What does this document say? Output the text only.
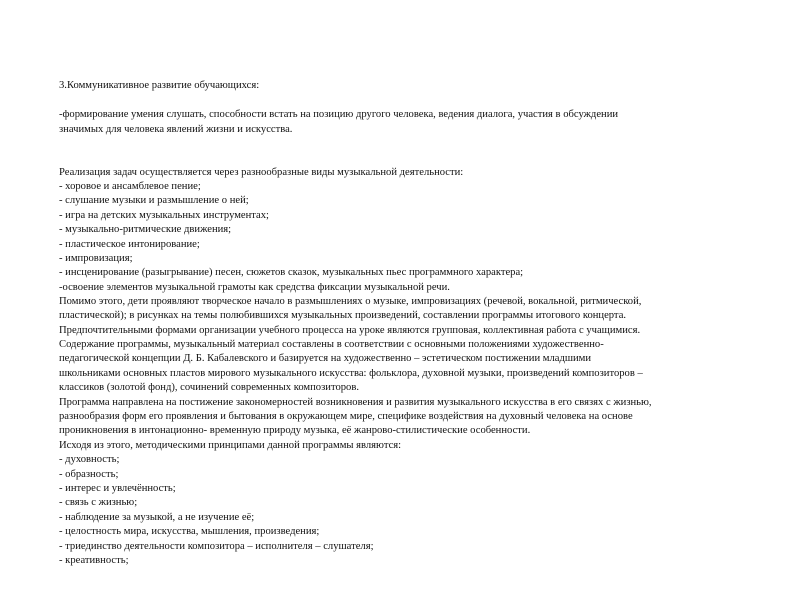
3.Коммуникативное развитие обучающихся:
-формирование умения слушать, способности встать на позицию другого человека, ведения диалога, участия в обсуждении
значимых для человека явлений жизни и искусства.
Реализация задач осуществляется через разнообразные виды музыкальной деятельности:
- хоровое и ансамблевое пение;
- слушание музыки и размышление о ней;
- игра на детских музыкальных инструментах;
- музыкально-ритмические движения;
- пластическое интонирование;
- импровизация;
- инсценирование (разыгрывание) песен, сюжетов сказок, музыкальных пьес программного характера;
-освоение элементов музыкальной грамоты как средства фиксации музыкальной речи.
Помимо этого, дети проявляют творческое начало в размышлениях о музыке, импровизациях (речевой, вокальной, ритмической,
пластической); в рисунках на темы полюбившихся музыкальных произведений, составлении программы итогового концерта.
Предпочтительными формами организации учебного процесса на уроке являются групповая, коллективная работа с учащимися.
Содержание программы, музыкальный материал составлены в соответствии с основными положениями художественно-
педагогической концепции Д. Б. Кабалевского и базируется на художественно – эстетическом постижении младшими
школьниками основных пластов мирового музыкального искусства: фольклора, духовной музыки, произведений композиторов –
классиков (золотой фонд), сочинений современных композиторов.
Программа направлена на постижение закономерностей возникновения и развития музыкального искусства в его связях с жизнью,
разнообразия форм его проявления и бытования в окружающем мире, специфике воздействия на духовный человека на основе
проникновения в интонационно- временную природу музыка, её жанрово-стилистические особенности.
Исходя из этого, методическими принципами данной программы являются:
- духовность;
- образность;
- интерес и увлечённость;
- связь с жизнью;
- наблюдение за музыкой, а не изучение её;
- целостность мира, искусства, мышления, произведения;
- триединство деятельности композитора – исполнителя – слушателя;
- креативность;
